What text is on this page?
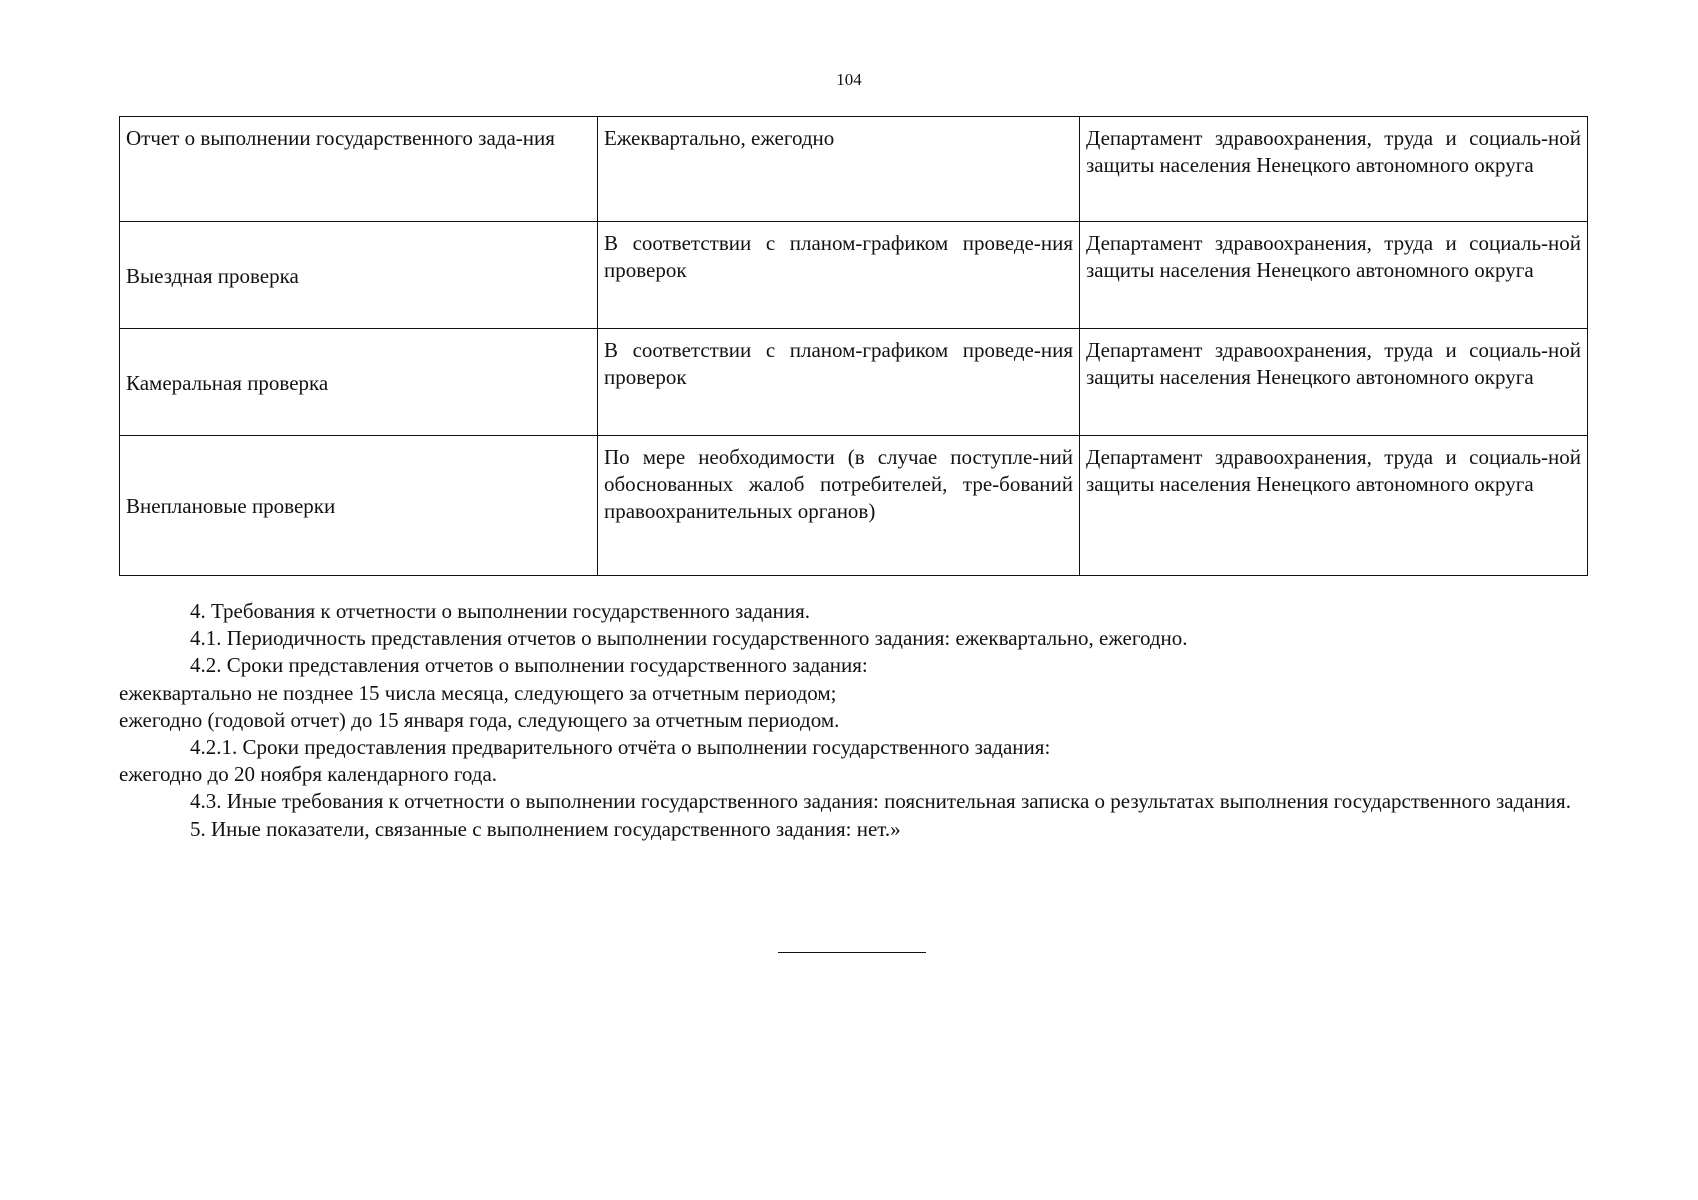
104
Отчет о выполнении государственного зада-ния	Ежеквартально, ежегодно	Департамент здравоохранения, труда и социаль-ной защиты населения Ненецкого автономного округа
Выездная проверка	В соответствии с планом-графиком проведе-ния проверок	Департамент здравоохранения, труда и социаль-ной защиты населения Ненецкого автономного округа
Камеральная проверка	В соответствии с планом-графиком проведе-ния проверок	Департамент здравоохранения, труда и социаль-ной защиты населения Ненецкого автономного округа
Внеплановые проверки	По мере необходимости (в случае поступле-ний обоснованных жалоб потребителей, тре-бований правоохранительных органов)	Департамент здравоохранения, труда и социаль-ной защиты населения Ненецкого автономного округа

4. Требования к отчетности о выполнении государственного задания.

4.1. Периодичность представления отчетов о выполнении государственного задания: ежеквартально, ежегодно.

4.2. Сроки представления отчетов о выполнении государственного задания:

ежеквартально не позднее 15 числа месяца, следующего за отчетным периодом;

ежегодно (годовой отчет) до 15 января года, следующего за отчетным периодом.

4.2.1. Сроки предоставления предварительного отчёта о выполнении государственного задания:

ежегодно до 20 ноября календарного года.

4.3. Иные требования к отчетности о выполнении государственного задания: пояснительная записка о результатах выполнения государственного задания.

5. Иные показатели, связанные с выполнением государственного задания: нет.»
